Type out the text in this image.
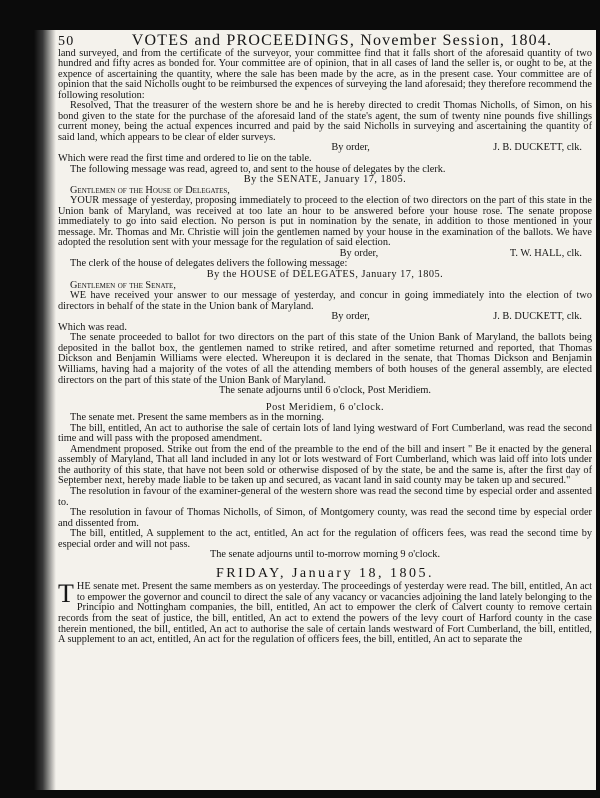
50	VOTES and PROCEEDINGS, November Session, 1804.

land surveyed, and from the certificate of the surveyor, your committee find that it falls short of the aforesaid quantity of two hundred and fifty acres as bonded for. Your committee are of opinion, that in all cases of land the seller is, or ought to be, at the expence of ascertaining the quantity, where the sale has been made by the acre, as in the present case. Your committee are of opinion that the said Nicholls ought to be reimbursed the expences of surveying the land aforesaid; they therefore recommend the following resolution:

Resolved, That the treasurer of the western shore be and he is hereby directed to credit Thomas Nicholls, of Simon, on his bond given to the state for the purchase of the aforesaid land of the state's agent, the sum of twenty nine pounds five shillings current money, being the actual expences incurred and paid by the said Nicholls in surveying and ascertaining the quantity of said land, which appears to be clear of elder surveys.

By order,	J. B. DUCKETT, clk.

Which were read the first time and ordered to lie on the table.

The following message was read, agreed to, and sent to the house of delegates by the clerk.

By the SENATE, January 17, 1805.

Gentlemen of the House of Delegates,

YOUR message of yesterday, proposing immediately to proceed to the election of two directors on the part of this state in the Union bank of Maryland, was received at too late an hour to be answered before your house rose. The senate propose immediately to go into said election. No person is put in nomination by the senate, in addition to those mentioned in your message. Mr. Thomas and Mr. Christie will join the gentlemen named by your house in the examination of the ballots. We have adopted the resolution sent with your message for the regulation of said election.

By order,	T. W. HALL, clk.

The clerk of the house of delegates delivers the following message:

By the HOUSE of DELEGATES, January 17, 1805.

Gentlemen of the Senate,

WE have received your answer to our message of yesterday, and concur in going immediately into the election of two directors in behalf of the state in the Union bank of Maryland.

By order,	J. B. DUCKETT, clk.

Which was read.

The senate proceeded to ballot for two directors on the part of this state of the Union Bank of Maryland, the ballots being deposited in the ballot box, the gentlemen named to strike retired, and after sometime returned and reported, that Thomas Dickson and Benjamin Williams were elected. Whereupon it is declared in the senate, that Thomas Dickson and Benjamin Williams, having had a majority of the votes of all the attending members of both houses of the general assembly, are elected directors on the part of this state of the Union Bank of Maryland.

The senate adjourns until 6 o'clock, Post Meridiem.

Post Meridiem, 6 o'clock.

The senate met. Present the same members as in the morning.

The bill, entitled, An act to authorise the sale of certain lots of land lying westward of Fort Cumberland, was read the second time and will pass with the proposed amendment.

Amendment proposed. Strike out from the end of the preamble to the end of the bill and insert " Be it enacted by the general assembly of Maryland, That all land included in any lot or lots westward of Fort Cumberland, which was laid off into lots under the authority of this state, that have not been sold or otherwise disposed of by the state, be and the same is, after the first day of September next, hereby made liable to be taken up and secured, as vacant land in said county may be taken up and secured."

The resolution in favour of the examiner-general of the western shore was read the second time by especial order and assented to.

The resolution in favour of Thomas Nicholls, of Simon, of Montgomery county, was read the second time by especial order and dissented from.

The bill, entitled, A supplement to the act, entitled, An act for the regulation of officers fees, was read the second time by especial order and will not pass.

The senate adjourns until to-morrow morning 9 o'clock.

FRIDAY, January 18, 1805.

THE senate met. Present the same members as on yesterday. The proceedings of yesterday were read. The bill, entitled, An act to empower the governor and council to direct the sale of any vacancy or vacancies adjoining the land lately belonging to the Principio and Nottingham companies, the bill, entitled, An act to empower the clerk of Calvert county to remove certain records from the seat of justice, the bill, entitled, An act to extend the powers of the levy court of Harford county in the case therein mentioned, the bill, entitled, An act to authorise the sale of certain lands westward of Fort Cumberland, the bill, entitled, A supplement to an act, entitled, An act for the regulation of officers fees, the bill, entitled, An act to separate the
